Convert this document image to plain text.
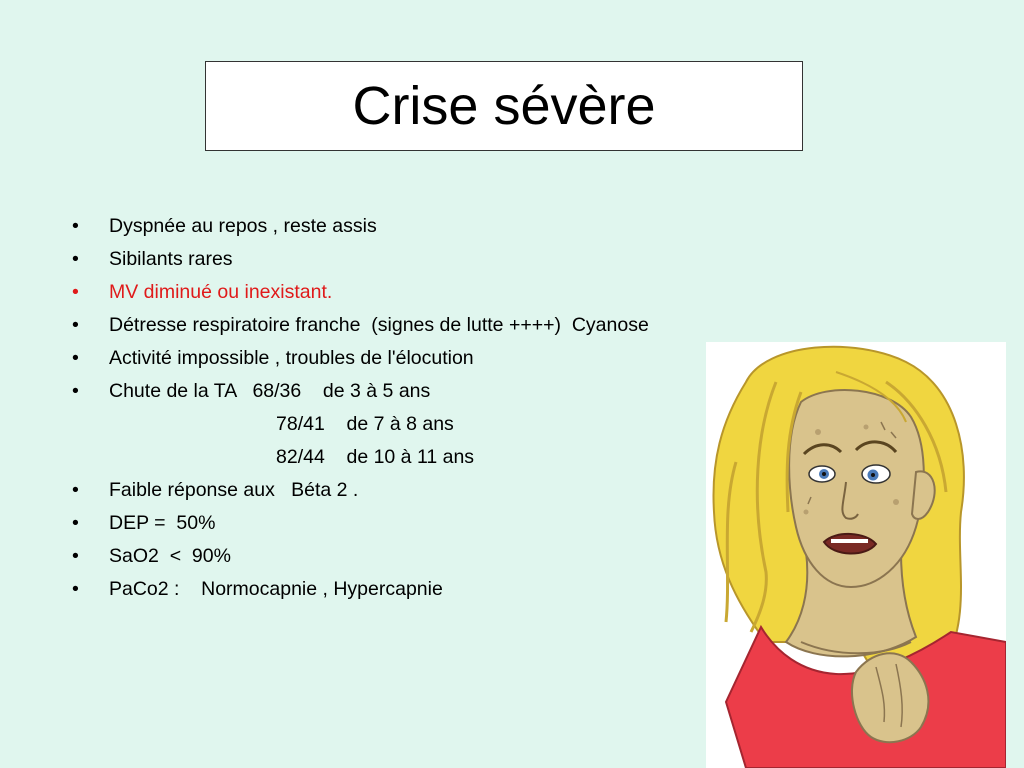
Crise sévère

•

	Dyspnée au repos , reste assis

•

	Sibilants rares

•

	MV diminué ou inexistant.

•

	Détresse respiratoire franche  (signes de lutte ++++)  Cyanose

•

	Activité impossible , troubles de l'élocution

•

	Chute de la TA   68/36    de 3 à 5 ans

78/41    de 7 à 8 ans

82/44    de 10 à 11 ans

•

	Faible réponse aux   Béta 2 .

•

	DEP =  50%

•

	SaO2  <  90%

•

	PaCo2 :    Normocapnie , Hypercapnie
